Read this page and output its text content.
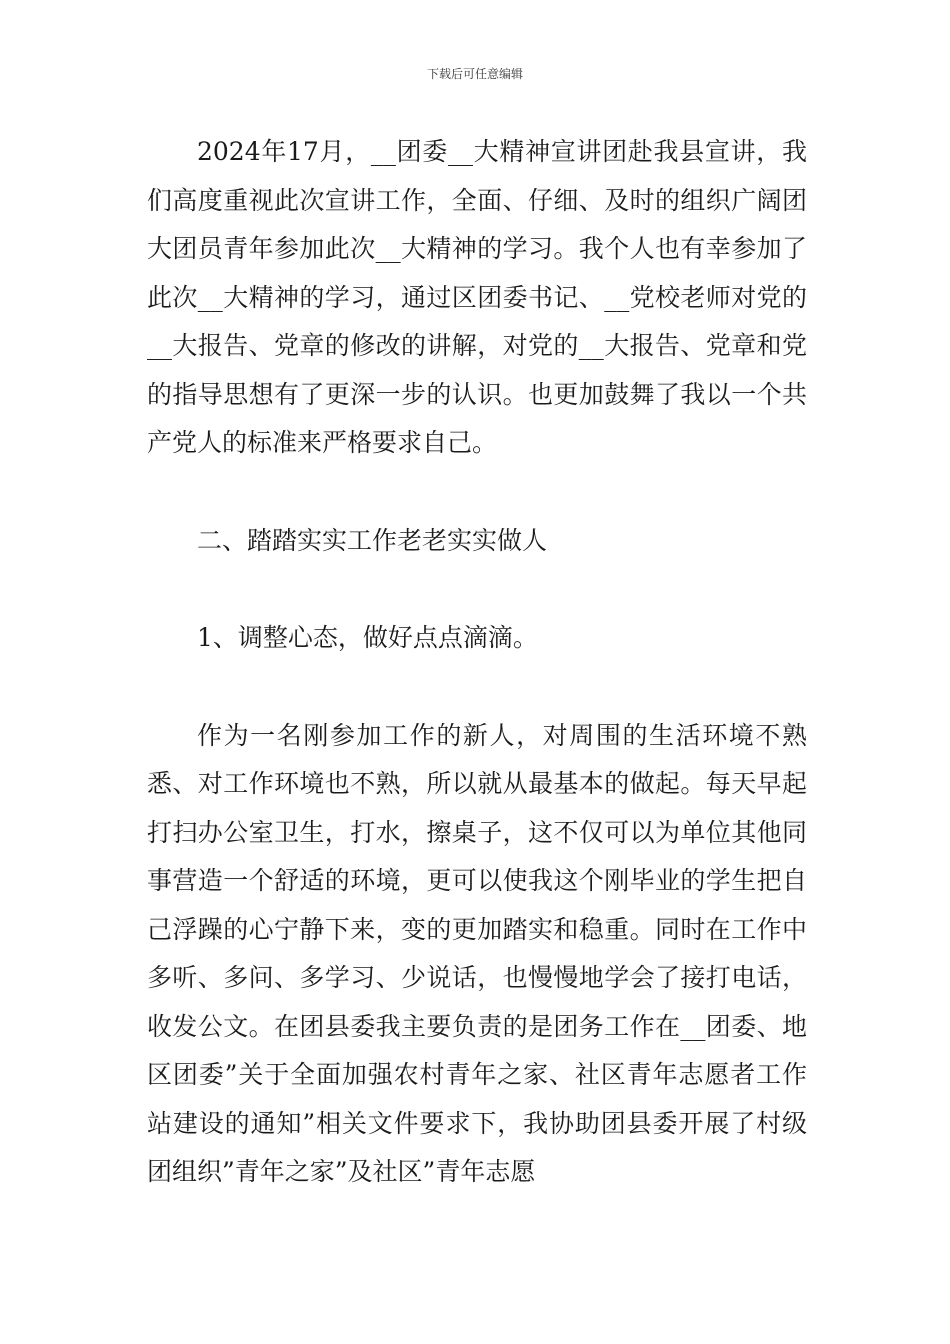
下载后可任意编辑

2024年17月，__团委__大精神宣讲团赴我县宣讲，我们高度重视此次宣讲工作，全面、仔细、及时的组织广阔团大团员青年参加此次__大精神的学习。我个人也有幸参加了此次__大精神的学习，通过区团委书记、__党校老师对党的__大报告、党章的修改的讲解，对党的__大报告、党章和党的指导思想有了更深一步的认识。也更加鼓舞了我以一个共产党人的标准来严格要求自己。

二、踏踏实实工作老老实实做人

1、调整心态，做好点点滴滴。

作为一名刚参加工作的新人，对周围的生活环境不熟悉、对工作环境也不熟，所以就从最基本的做起。每天早起打扫办公室卫生，打水，擦桌子，这不仅可以为单位其他同事营造一个舒适的环境，更可以使我这个刚毕业的学生把自己浮躁的心宁静下来，变的更加踏实和稳重。同时在工作中多听、多问、多学习、少说话，也慢慢地学会了接打电话，收发公文。在团县委我主要负责的是团务工作在__团委、地区团委”关于全面加强农村青年之家、社区青年志愿者工作站建设的通知”相关文件要求下，我协助团县委开展了村级团组织”青年之家”及社区”青年志愿
